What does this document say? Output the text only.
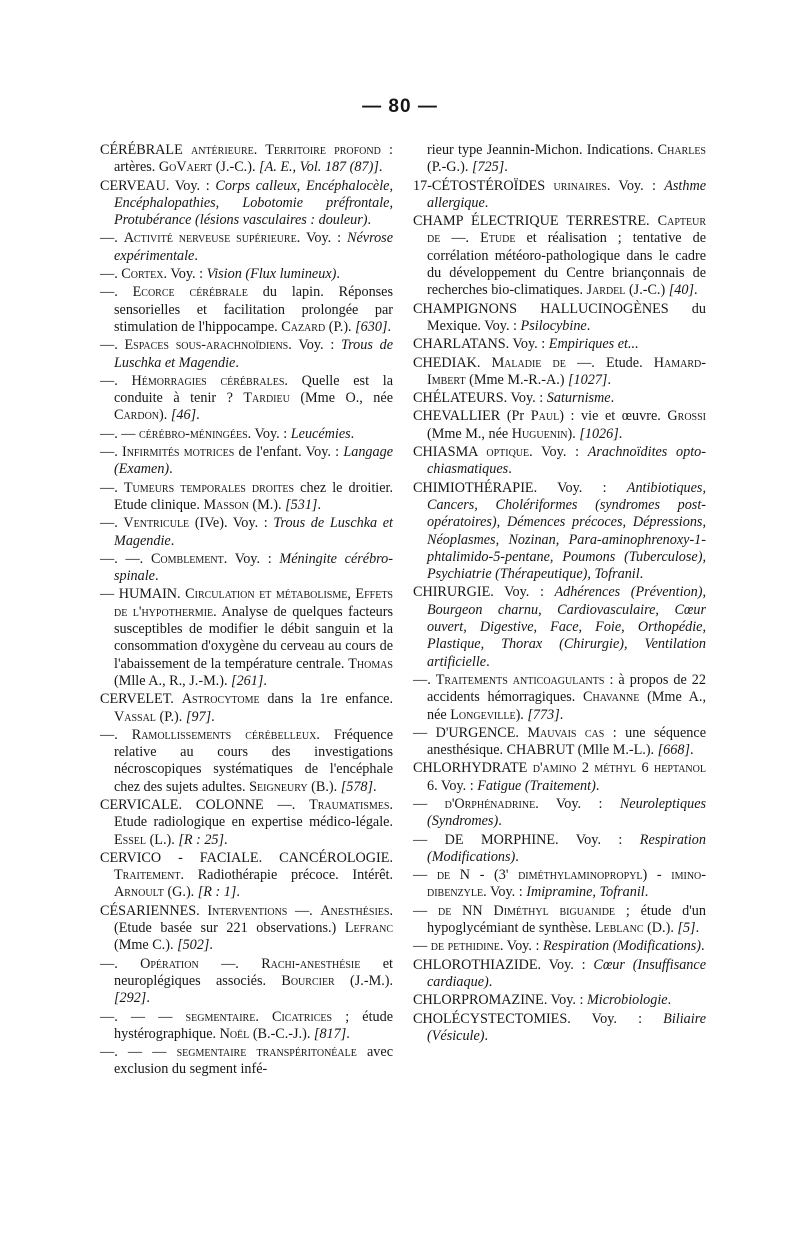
— 80 —

CÉRÉBRALE antérieure. Territoire profond : artères. GoVaert (J.-C.). [A. E., Vol. 187 (87)].

CERVEAU. Voy. : Corps calleux, Encéphalocèle, Encéphalopathies, Lobotomie préfrontale, Protubérance (lésions vasculaires : douleur).

—. Activité nerveuse supérieure. Voy. : Névrose expérimentale.

—. Cortex. Voy. : Vision (Flux lumineux).

—. Ecorce cérébrale du lapin. Réponses sensorielles et facilitation prolongée par stimulation de l'hippocampe. Cazard (P.). [630].

—. Espaces sous-arachnoïdiens. Voy. : Trous de Luschka et Magendie.

—. Hémorragies cérébrales. Quelle est la conduite à tenir ? Tardieu (Mme O., née Cardon). [46].

—. — cérébro-méningées. Voy. : Leucémies.

—. Infirmités motrices de l'enfant. Voy. : Langage (Examen).

—. Tumeurs temporales droites chez le droitier. Etude clinique. Masson (M.). [531].

—. Ventricule (IVe). Voy. : Trous de Luschka et Magendie.

—. —. Comblement. Voy. : Méningite cérébro-spinale.

— HUMAIN. Circulation et métabolisme, Effets de l'hypothermie. Analyse de quelques facteurs susceptibles de modifier le débit sanguin et la consommation d'oxygène du cerveau au cours de l'abaissement de la température centrale. Thomas (Mlle A., R., J.-M.). [261].

CERVELET. Astrocytome dans la 1re enfance. Vassal (P.). [97].

—. Ramollissements cérébelleux. Fréquence relative au cours des investigations nécroscopiques systématiques de l'encéphale chez des sujets adultes. Seigneury (B.). [578].

CERVICALE. COLONNE —. Traumatismes. Etude radiologique en expertise médico-légale. Essel (L.). [R : 25].

CERVICO - FACIALE. CANCÉROLOGIE. Traitement. Radiothérapie précoce. Intérêt. Arnoult (G.). [R : 1].

CÉSARIENNES. Interventions —. Anesthésies. (Etude basée sur 221 observations.) Lefranc (Mme C.). [502].

—. Opération —. Rachi-anesthésie et neuroplégiques associés. Bourcier (J.-M.). [292].

—. — — segmentaire. Cicatrices ; étude hystérographique. Noël (B.-C.-J.). [817].

—. — — segmentaire transpéritonéale avec exclusion du segment infé-

rieur type Jeannin-Michon. Indications. Charles (P.-G.). [725].

17-CÉTOSTÉROÏDES urinaires. Voy. : Asthme allergique.

CHAMP ÉLECTRIQUE TERRESTRE. Capteur de —. Etude et réalisation ; tentative de corrélation météoro-pathologique dans le cadre du développement du Centre briançonnais de recherches bio-climatiques. Jardel (J.-C.) [40].

CHAMPIGNONS HALLUCINOGÈNES du Mexique. Voy. : Psilocybine.

CHARLATANS. Voy. : Empiriques et...

CHEDIAK. Maladie de —. Etude. Hamard-Imbert (Mme M.-R.-A.) [1027].

CHÉLATEURS. Voy. : Saturnisme.

CHEVALLIER (Pr Paul) : vie et œuvre. Grossi (Mme M., née Huguenin). [1026].

CHIASMA optique. Voy. : Arachnoïdites opto-chiasmatiques.

CHIMIOTHÉRAPIE. Voy. : Antibiotiques, Cancers, Cholériformes (syndromes post-opératoires), Démences précoces, Dépressions, Néoplasmes, Nozinan, Para-aminophrenoxy-1-phtalimido-5-pentane, Poumons (Tuberculose), Psychiatrie (Thérapeutique), Tofranil.

CHIRURGIE. Voy. : Adhérences (Prévention), Bourgeon charnu, Cardiovasculaire, Cœur ouvert, Digestive, Face, Foie, Orthopédie, Plastique, Thorax (Chirurgie), Ventilation artificielle.

—. Traitements anticoagulants : à propos de 22 accidents hémorragiques. Chavanne (Mme A., née Longeville). [773].

— D'URGENCE. Mauvais cas : une séquence anesthésique. CHABRUT (Mlle M.-L.). [668].

CHLORHYDRATE d'amino 2 méthyl 6 heptanol 6. Voy. : Fatigue (Traitement).

— d'Orphénadrine. Voy. : Neuroleptiques (Syndromes).

— DE MORPHINE. Voy. : Respiration (Modifications).

— de N - (3' diméthylaminopropyl) - imino-dibenzyle. Voy. : Imipramine, Tofranil.

— de NN Diméthyl biguanide ; étude d'un hypoglycémiant de synthèse. Leblanc (D.). [5].

— de pethidine. Voy. : Respiration (Modifications).

CHLOROTHIAZIDE. Voy. : Cœur (Insuffisance cardiaque).

CHLORPROMAZINE. Voy. : Microbiologie.

CHOLÉCYSTECTOMIES. Voy. : Biliaire (Vésicule).
